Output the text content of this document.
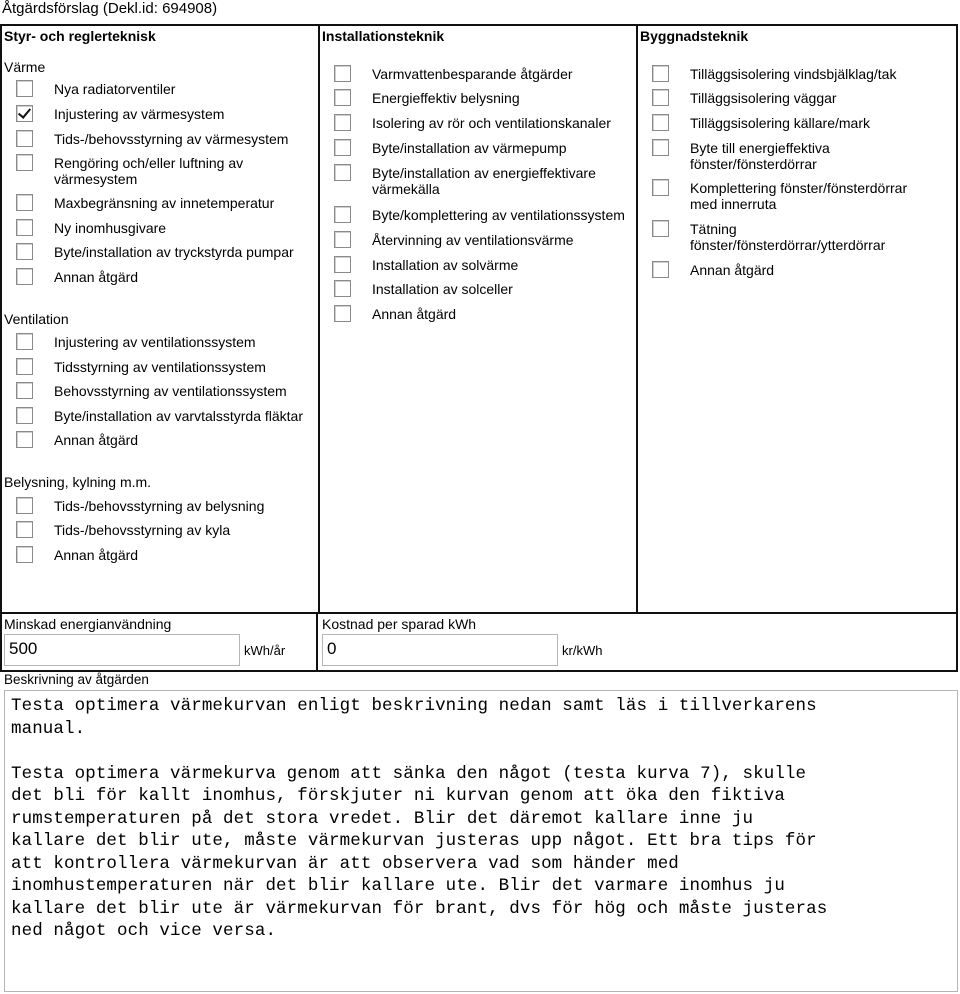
Åtgärdsförslag (Dekl.id: 694908)
Styr- och reglerteknisk	Installationsteknik	Byggnadsteknik
Värme
Nya radiatorventiler
Injustering av värmesystem
Tids-/behovsstyrning av värmesystem
Rengöring och/eller luftning av
värmesystem
Maxbegränsning av innetemperatur
Ny inomhusgivare
Byte/installation av tryckstyrda pumpar
Annan åtgärd
Ventilation
Injustering av ventilationssystem
Tidsstyrning av ventilationssystem
Behovsstyrning av ventilationssystem
Byte/installation av varvtalsstyrda fläktar
Annan åtgärd
Belysning, kylning m.m.
Tids-/behovsstyrning av belysning
Tids-/behovsstyrning av kyla
Annan åtgärd
Varmvattenbesparande åtgärder
Energieffektiv belysning
Isolering av rör och ventilationskanaler
Byte/installation av värmepump
Byte/installation av energieffektivare
värmekälla
Byte/komplettering av ventilationssystem
Återvinning av ventilationsvärme
Installation av solvärme
Installation av solceller
Annan åtgärd
Tilläggsisolering vindsbjälklag/tak
Tilläggsisolering väggar
Tilläggsisolering källare/mark
Byte till energieffektiva
fönster/fönsterdörrar
Komplettering fönster/fönsterdörrar
med innerruta
Tätning
fönster/fönsterdörrar/ytterdörrar
Annan åtgärd
Minskad energianvändning
500	kWh/år
Kostnad per sparad kWh
0	kr/kWh
Beskrivning av åtgärden
Testa optimera värmekurvan enligt beskrivning nedan samt läs i tillverkarens
manual.

Testa optimera värmekurva genom att sänka den något (testa kurva 7), skulle
det bli för kallt inomhus, förskjuter ni kurvan genom att öka den fiktiva
rumstemperaturen på det stora vredet. Blir det däremot kallare inne ju
kallare det blir ute, måste värmekurvan justeras upp något. Ett bra tips för
att kontrollera värmekurvan är att observera vad som händer med
inomhustemperaturen när det blir kallare ute. Blir det varmare inomhus ju
kallare det blir ute är värmekurvan för brant, dvs för hög och måste justeras
ned något och vice versa.
